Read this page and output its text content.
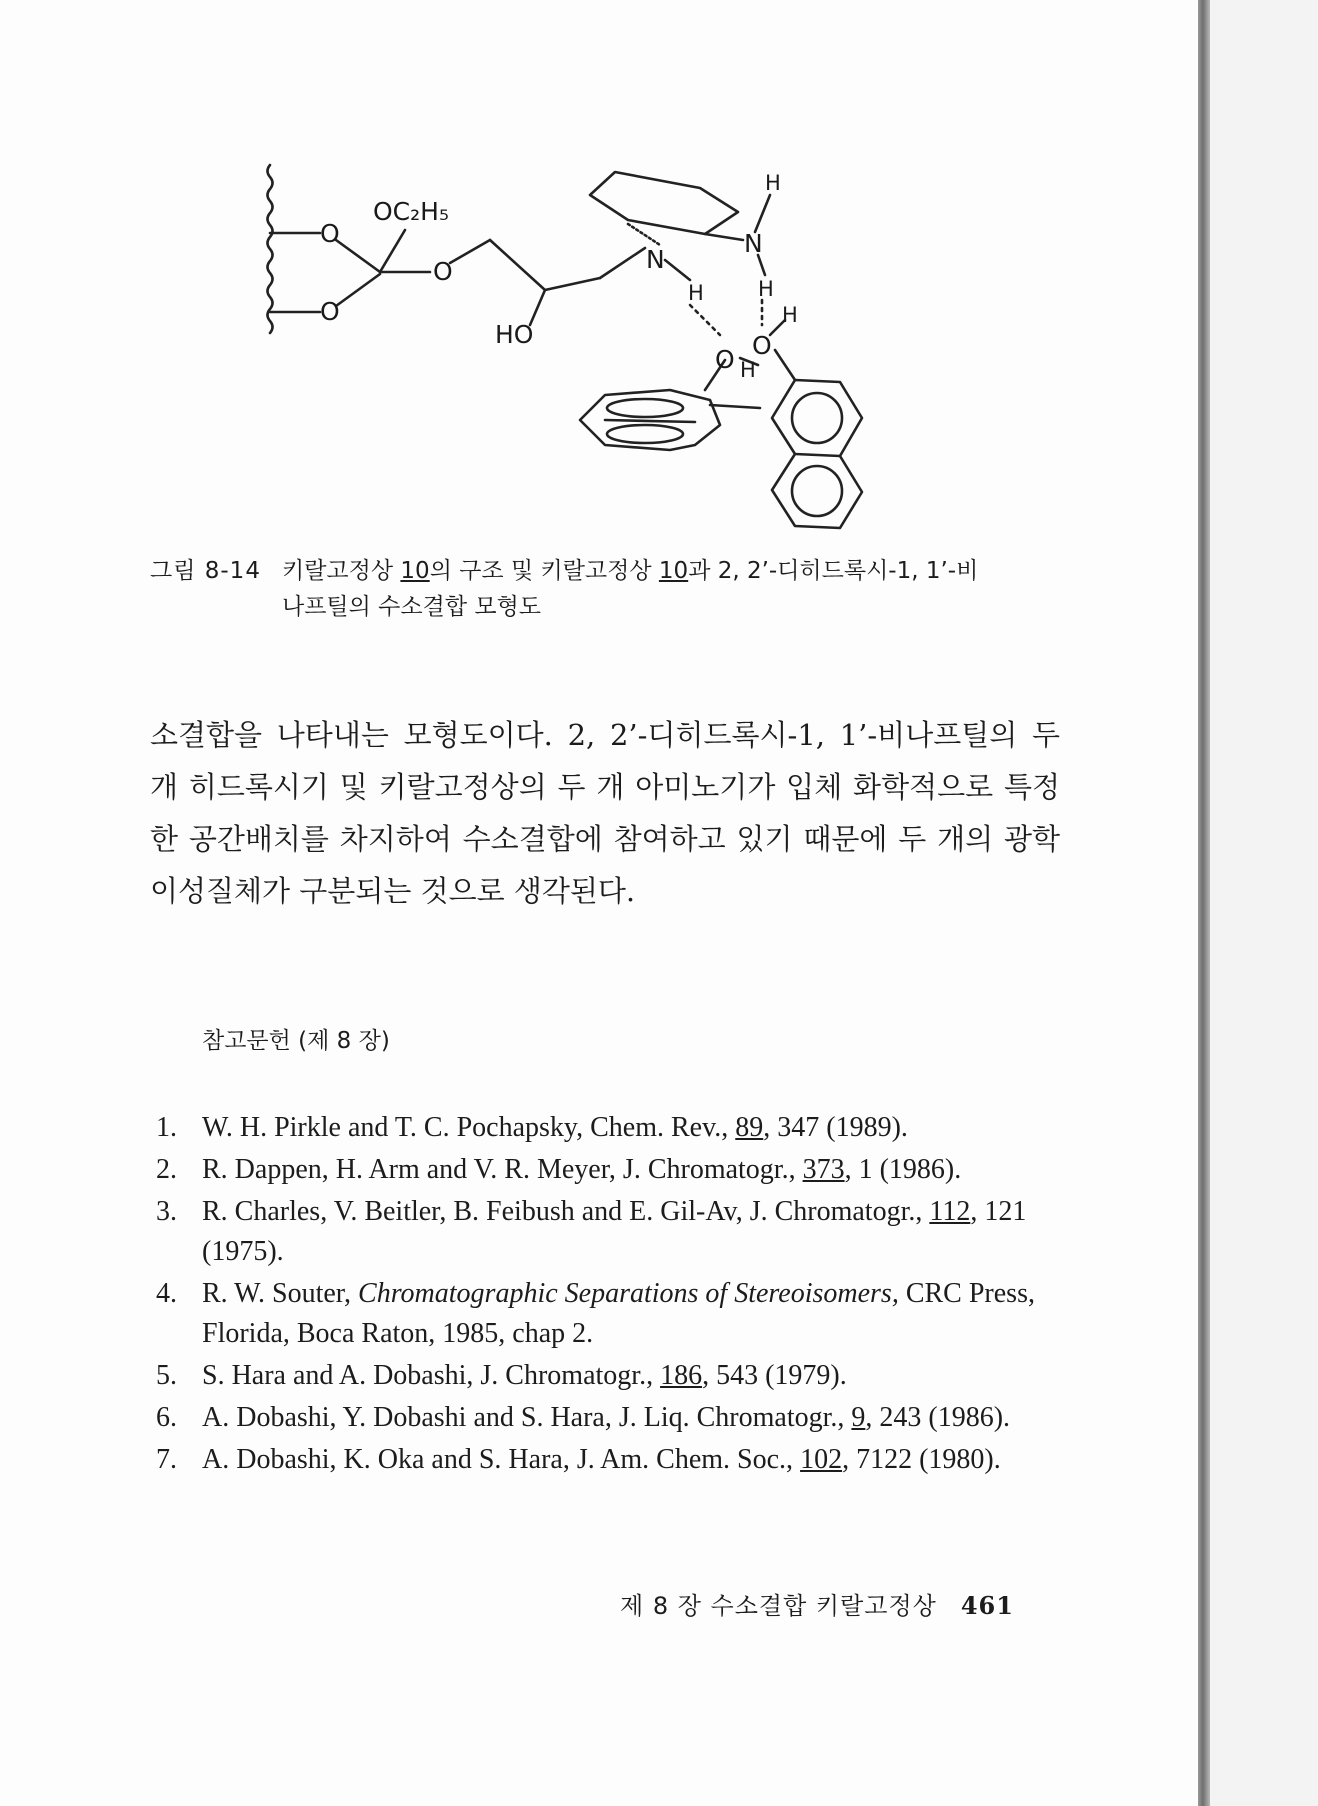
O
O
OC₂H₅
O
HO
N
H
N
H
H
O
H
O H
그림 8-14 키랄고정상 10의 구조 및 키랄고정상 10과 2, 2’-디히드록시-1, 1’-비
나프틸의 수소결합 모형도

소결합을 나타내는 모형도이다. 2, 2’-디히드록시-1, 1’-비나프틸의 두 개 히드록시기 및 키랄고정상의 두 개 아미노기가 입체 화학적으로 특정한 공간배치를 차지하여 수소결합에 참여하고 있기 때문에 두 개의 광학 이성질체가 구분되는 것으로 생각된다.

참고문헌 (제 8 장)
1. W. H. Pirkle and T. C. Pochapsky, Chem. Rev., 89, 347 (1989).
2. R. Dappen, H. Arm and V. R. Meyer, J. Chromatogr., 373, 1 (1986).
3. R. Charles, V. Beitler, B. Feibush and E. Gil-Av, J. Chromatogr., 112, 121 (1975).
4. R. W. Souter, Chromatographic Separations of Stereoisomers, CRC Press, Florida, Boca Raton, 1985, chap 2.
5. S. Hara and A. Dobashi, J. Chromatogr., 186, 543 (1979).
6. A. Dobashi, Y. Dobashi and S. Hara, J. Liq. Chromatogr., 9, 243 (1986).
7. A. Dobashi, K. Oka and S. Hara, J. Am. Chem. Soc., 102, 7122 (1980).
제 8 장 수소결합 키랄고정상 461
